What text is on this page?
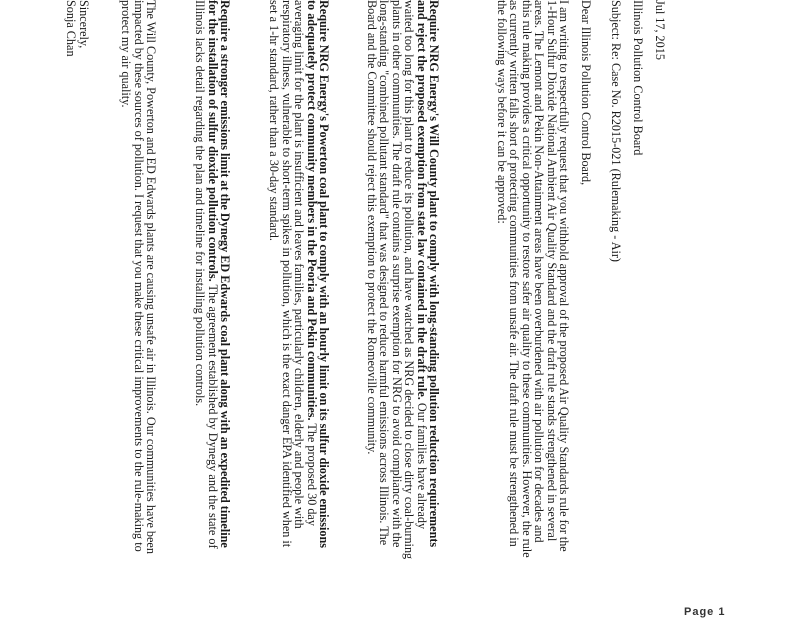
Jul 17, 2015

Illinois Pollution Control Board

Subject: Re: Case No. R2015-021 (Rulemaking - Air)

Dear Illinois Pollution Control Board,

I am writing to respectfully request that you withhold approval of the proposed Air Quality Standards rule for the 1-Hour Sulfur Dioxide National Ambient Air Quality Standard and the draft rule stands strengthened in several areas. The Lemont and Pekin Non-Attainment areas have been overburdened with air pollution for decades and this rule making provides a critical opportunity to restore safer air quality to these communities. However, the rule as currently written falls short of protecting communities from unsafe air. The draft rule must be strengthened in the following ways before it can be approved:

Require NRG Energy's Will County plant to comply with long-standing pollution reduction requirements and reject the proposed exemption from state law contained in the draft rule. Our families have already waited too long for this plant to reduce its pollution, and have watched as NRG decided to close dirty coal-burning plants in other communities. The draft rule contains a surprise exemption for NRG to avoid compliance with the long-standing "combined pollutant standard" that was designed to reduce harmful emissions across Illinois. The Board and the Committee should reject this exemption to protect the Romeoville community.

Require NRG Energy's Powerton coal plant to comply with an hourly limit on its sulfur dioxide emissions to adequately protect community members in the Peoria and Pekin communities. The proposed 30 day averaging limit for the plant is insufficient and leaves families, particularly children, elderly and people with respiratory illness, vulnerable to short-term spikes in pollution, which is the exact danger EPA identified when it set a 1-hr standard, rather than a 30-day standard.

Require a stronger emissions limit at the Dynegy ED Edwards coal plant along with an expedited timeline for the installation of sulfur dioxide pollution controls. The agreement established by Dynegy and the state of Illinois lacks detail regarding the plan and timeline for installing pollution controls.

The Will County, Powerton and ED Edwards plants are causing unsafe air in Illinois. Our communities have been impacted by these sources of pollution. I request that you make these critical improvements to the rule-making to protect my air quality.

Sincerely,

Sonja Chan

Page 1
